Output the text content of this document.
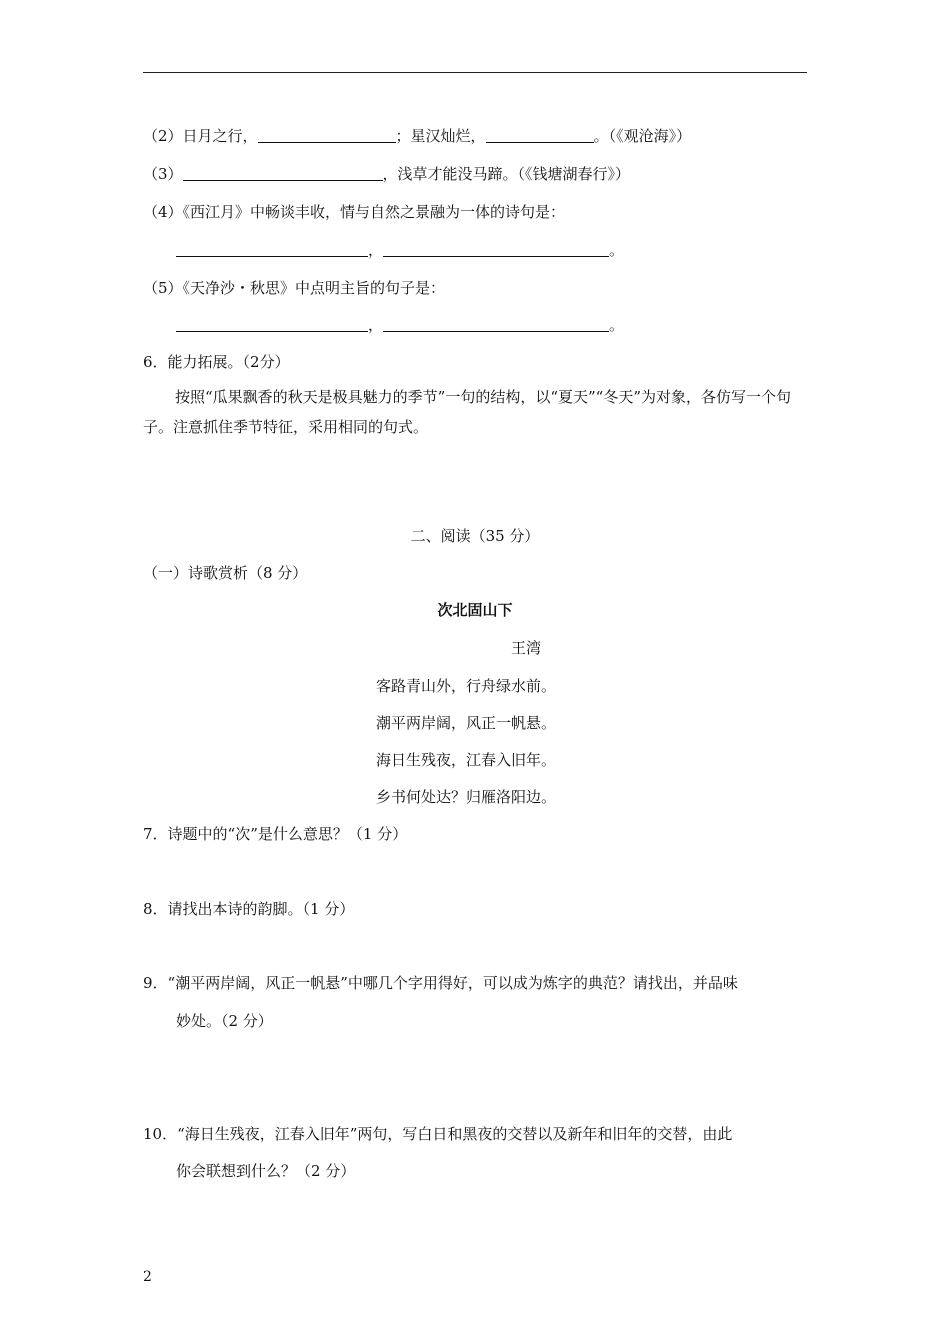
（2）日月之行，	；星汉灿烂，	。（《观沧海》）
（3）	，浅草才能没马蹄。（《钱塘湖春行》）
（4）《西江月》中畅谈丰收，情与自然之景融为一体的诗句是：
，	。
（5）《天净沙・秋思》中点明主旨的句子是：
，	。
6．能力拓展。（2分）
按照“瓜果飘香的秋天是极具魅力的季节”一句的结构，以“夏天”“冬天”为对象，各仿写一个句子。注意抓住季节特征，采用相同的句式。
二、阅读（35 分）
（一）诗歌赏析（8 分）
次北固山下
王湾
客路青山外，行舟绿水前。
潮平两岸阔，风正一帆悬。
海日生残夜，江春入旧年。
乡书何处达？归雁洛阳边。
7．诗题中的“次”是什么意思？（1 分）
8．请找出本诗的韵脚。（1 分）
9．“潮平两岸阔，风正一帆悬”中哪几个字用得好，可以成为炼字的典范？请找出，并品味
妙处。（2 分）
10．“海日生残夜，江春入旧年”两句，写白日和黑夜的交替以及新年和旧年的交替，由此
你会联想到什么？（2 分）
2
